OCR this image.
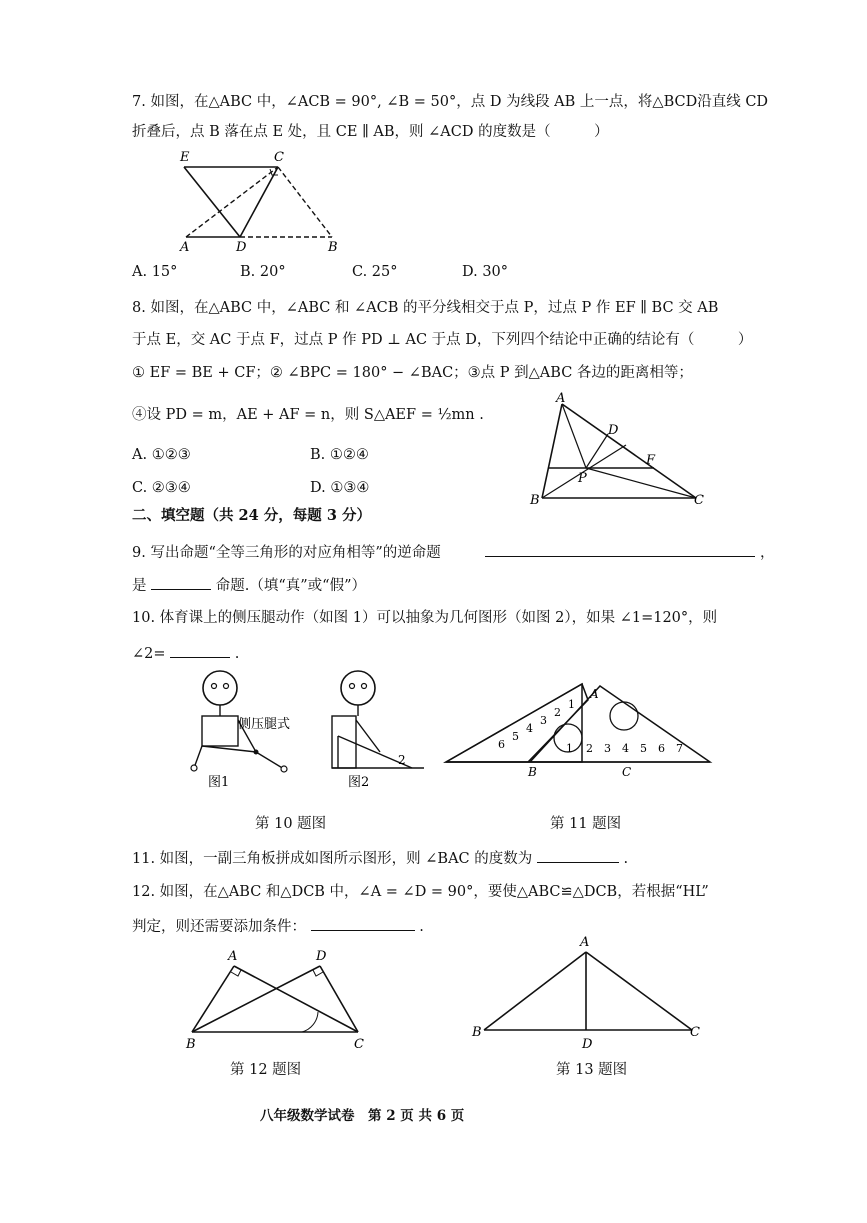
7. 如图，在△ABC 中，∠ACB = 90°, ∠B = 50°，点 D 为线段 AB 上一点，将△BCD沿直线 CD
折叠后，点 B 落在点 E 处，且 CE ∥ AB，则 ∠ACD 的度数是（　　　）
E	C
A	D	B
A. 15°	B. 20°	C. 25°	D. 30°
8. 如图，在△ABC 中，∠ABC 和 ∠ACB 的平分线相交于点 P，过点 P 作 EF ∥ BC 交 AB
于点 E，交 AC 于点 F，过点 P 作 PD ⊥ AC 于点 D，下列四个结论中正确的结论有（　　　）
① EF = BE + CF；② ∠BPC = 180° − ∠BAC；③点 P 到△ABC 各边的距离相等；
④设 PD = m，AE + AF = n，则 S△AEF = ½mn .
A. ①②③	B. ①②④
C. ②③④	D. ①③④
A
D
F
P
B	C
二、填空题（共 24 分，每题 3 分）
9. 写出命题“全等三角形的对应角相等”的逆命题	，
是	命题.（填“真”或“假”）
10. 体育课上的侧压腿动作（如图 1）可以抽象为几何图形（如图 2），如果 ∠1=120°，则
∠2=	.
侧压腿式
图1
2
图2
第 10 题图
1
2
3
4
5
6	1 2 3 4 5 6 7
A
B	C
第 11 题图
11. 如图，一副三角板拼成如图所示图形，则 ∠BAC 的度数为	.
12. 如图，在△ABC 和△DCB 中，∠A = ∠D = 90°，要使△ABC≌△DCB，若根据“HL”
判定，则还需要添加条件：	.
A	D
B	C
A
B
D
C
第 12 题图	第 13 题图
八年级数学试卷　第 2 页 共 6 页
